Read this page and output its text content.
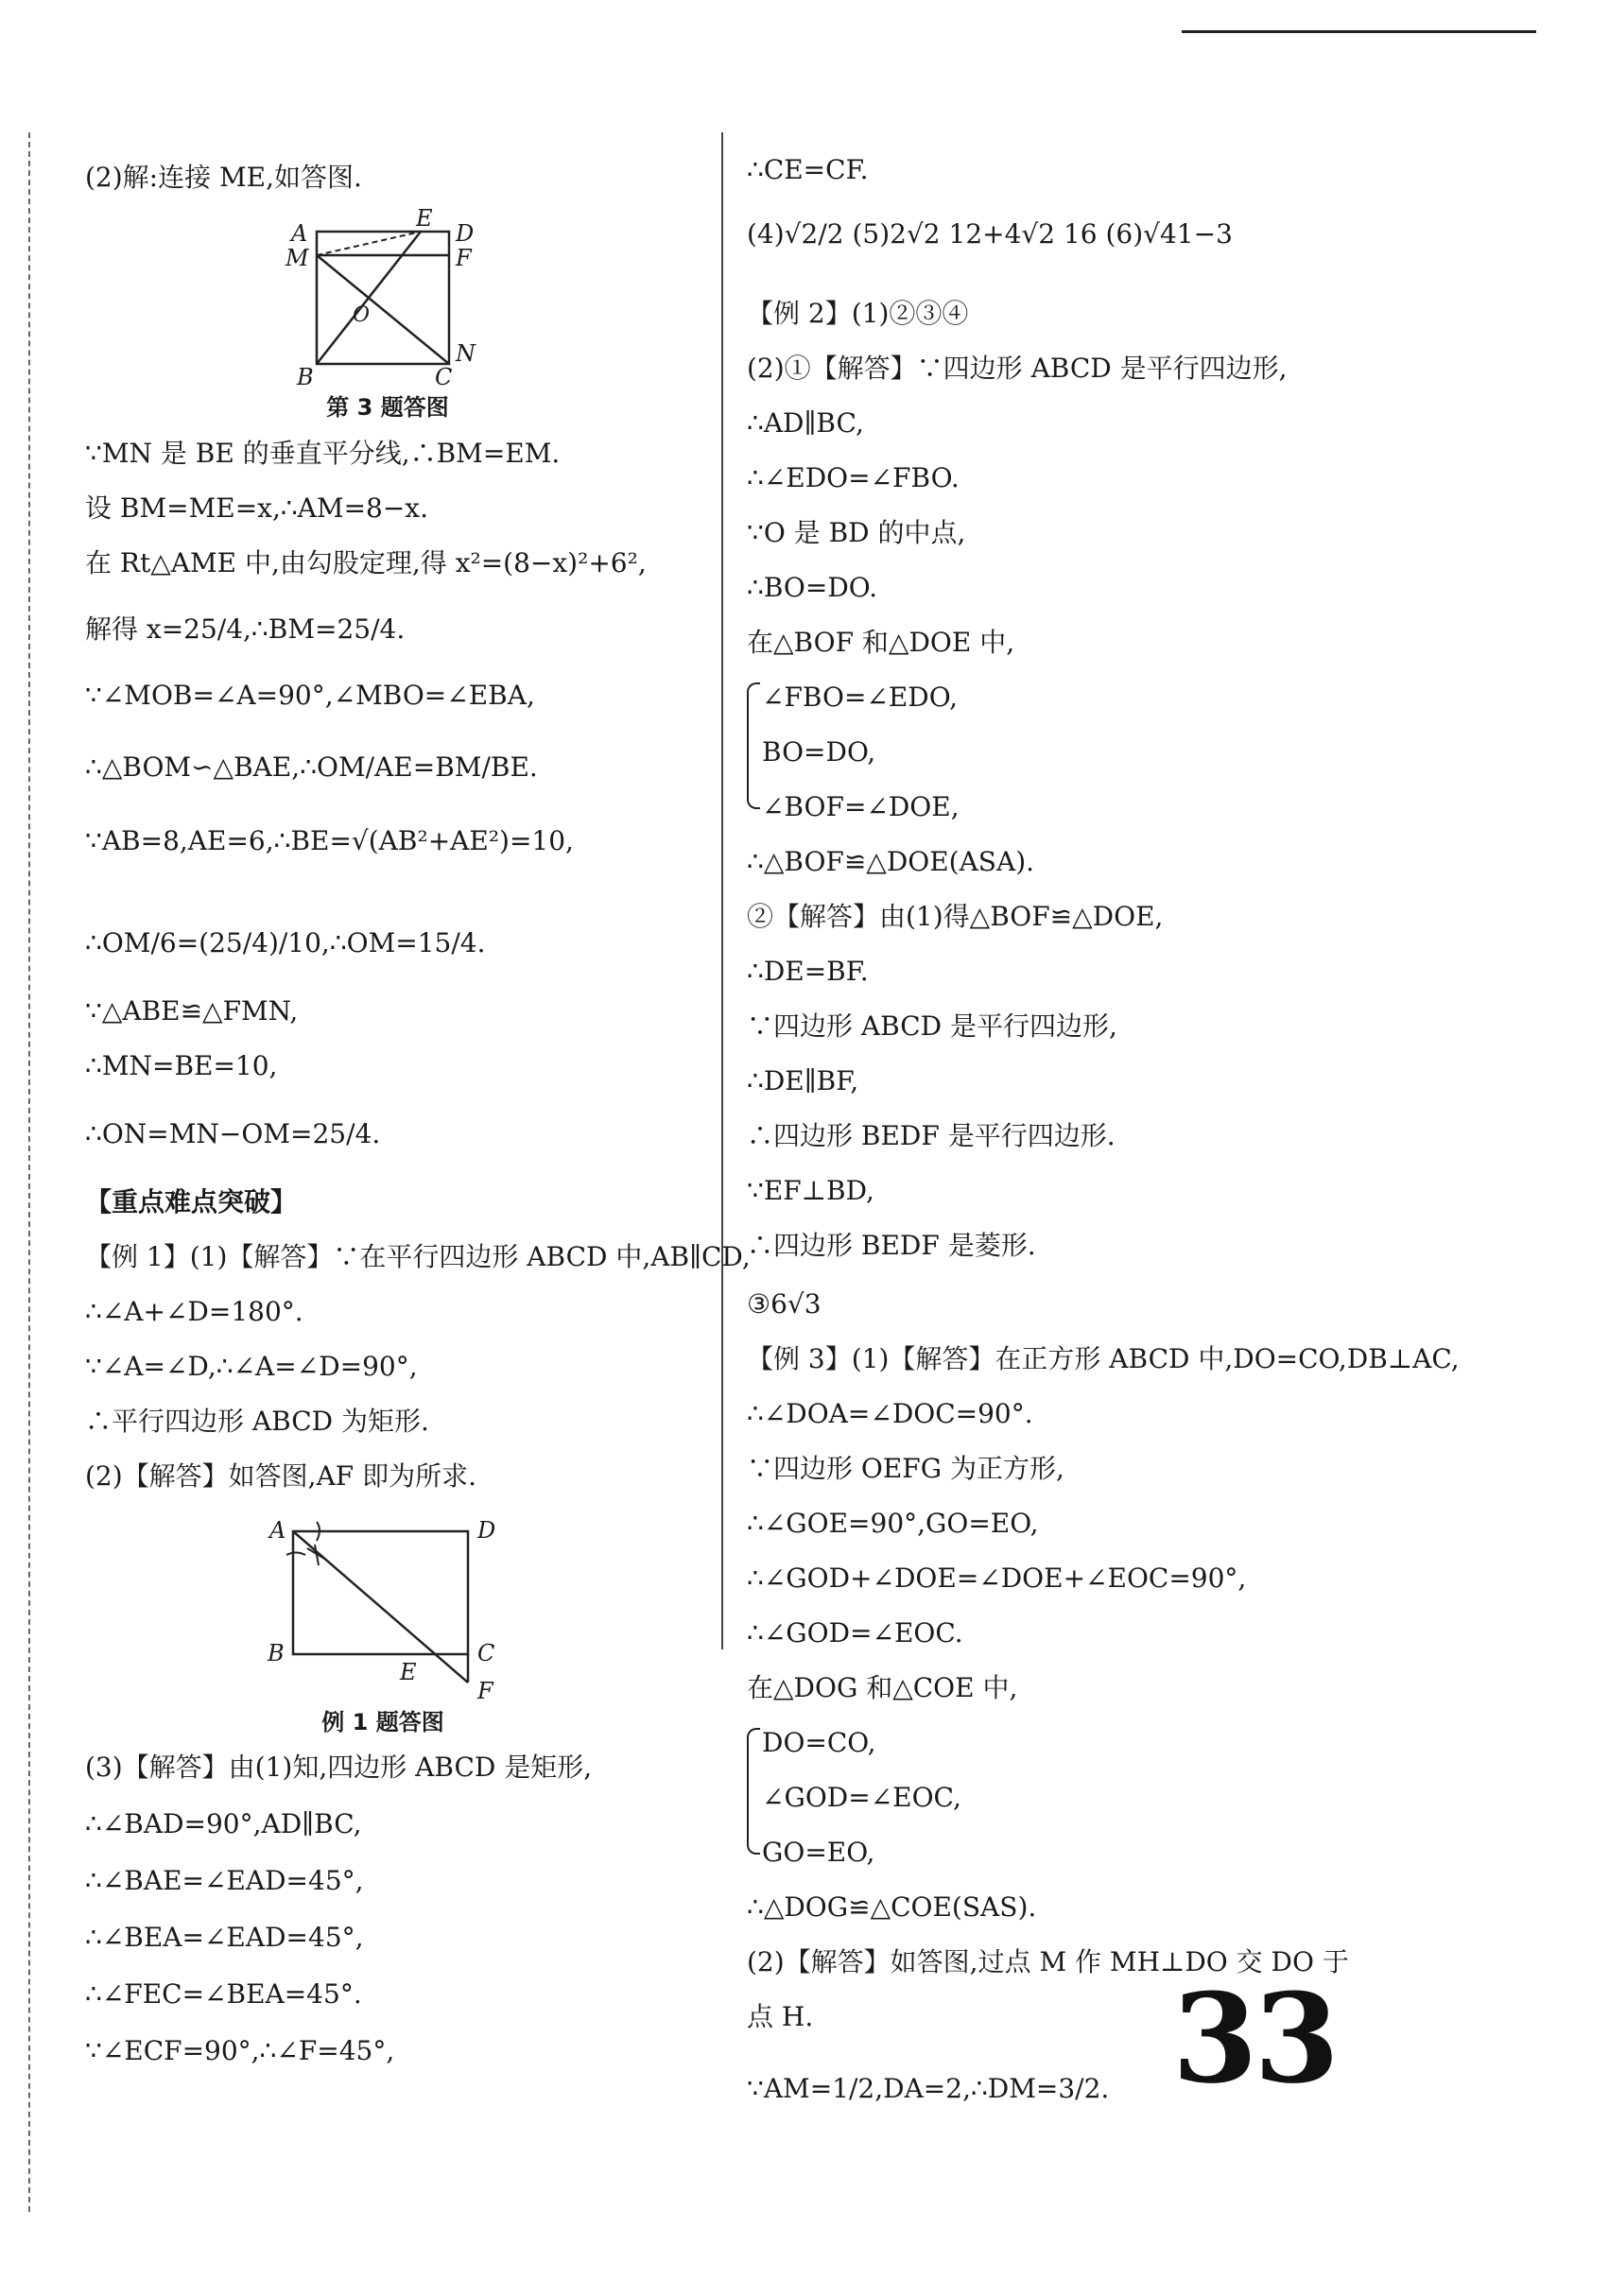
(2)解:连接 ME,如答图.
A
E
D
M	F
O
B	C
N
第 3 题答图
∵MN 是 BE 的垂直平分线,∴BM=EM.
设 BM=ME=x,∴AM=8−x.
在 Rt△AME 中,由勾股定理,得 x²=(8−x)²+6²,
解得 x=25/4,∴BM=25/4.
∵∠MOB=∠A=90°,∠MBO=∠EBA,
∴△BOM∽△BAE,∴OM/AE=BM/BE.
∵AB=8,AE=6,∴BE=√(AB²+AE²)=10,
∴OM/6=(25/4)/10,∴OM=15/4.
∵△ABE≌△FMN,
∴MN=BE=10,
∴ON=MN−OM=25/4.
【重点难点突破】
【例 1】(1)【解答】∵在平行四边形 ABCD 中,AB∥CD,
∴∠A+∠D=180°.
∵∠A=∠D,∴∠A=∠D=90°,
∴平行四边形 ABCD 为矩形.
(2)【解答】如答图,AF 即为所求.
A	D
B	C
E
F
例 1 题答图
(3)【解答】由(1)知,四边形 ABCD 是矩形,
∴∠BAD=90°,AD∥BC,
∴∠BAE=∠EAD=45°,
∴∠BEA=∠EAD=45°,
∴∠FEC=∠BEA=45°.
∵∠ECF=90°,∴∠F=45°,
∴CE=CF.
(4)√2/2 (5)2√2 12+4√2 16 (6)√41−3
【例 2】(1)②③④
(2)①【解答】∵四边形 ABCD 是平行四边形,
∴AD∥BC,
∴∠EDO=∠FBO.
∵O 是 BD 的中点,
∴BO=DO.
在△BOF 和△DOE 中,
∠FBO=∠EDO,
BO=DO,
∠BOF=∠DOE,
∴△BOF≌△DOE(ASA).
②【解答】由(1)得△BOF≌△DOE,
∴DE=BF.
∵四边形 ABCD 是平行四边形,
∴DE∥BF,
∴四边形 BEDF 是平行四边形.
∵EF⊥BD,
∴四边形 BEDF 是菱形.
③6√3
【例 3】(1)【解答】在正方形 ABCD 中,DO=CO,DB⊥AC,
∴∠DOA=∠DOC=90°.
∵四边形 OEFG 为正方形,
∴∠GOE=90°,GO=EO,
∴∠GOD+∠DOE=∠DOE+∠EOC=90°,
∴∠GOD=∠EOC.
在△DOG 和△COE 中,
DO=CO,
∠GOD=∠EOC,
GO=EO,
∴△DOG≌△COE(SAS).
(2)【解答】如答图,过点 M 作 MH⊥DO 交 DO 于
点 H.
∵AM=1/2,DA=2,∴DM=3/2. 33
